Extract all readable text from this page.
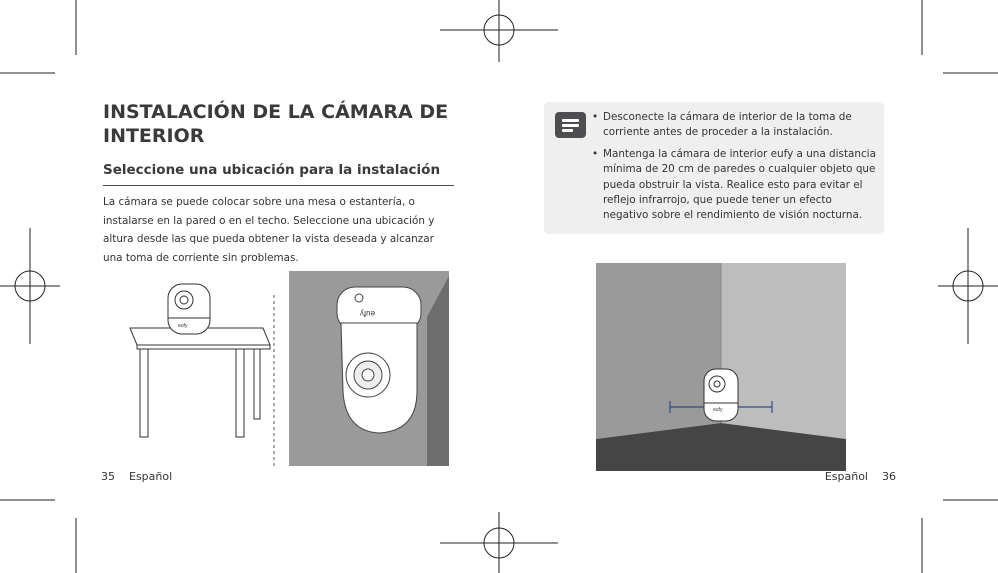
INSTALACIÓN DE LA CÁMARA DE INTERIOR
Seleccione una ubicación para la instalación

La cámara se puede colocar sobre una mesa o estantería, o instalarse en la pared o en el techo. Seleccione una ubicación y altura desde las que pueda obtener la vista deseada y alcanzar una toma de corriente sin problemas.

eufy
eufy
35 Español
• Desconecte la cámara de interior de la toma de corriente antes de proceder a la instalación.
• Mantenga la cámara de interior eufy a una distancia mínima de 20 cm de paredes o cualquier objeto que pueda obstruir la vista. Realice esto para evitar el reflejo infrarrojo, que puede tener un efecto negativo sobre el rendimiento de visión nocturna.
eufy
Español 36
